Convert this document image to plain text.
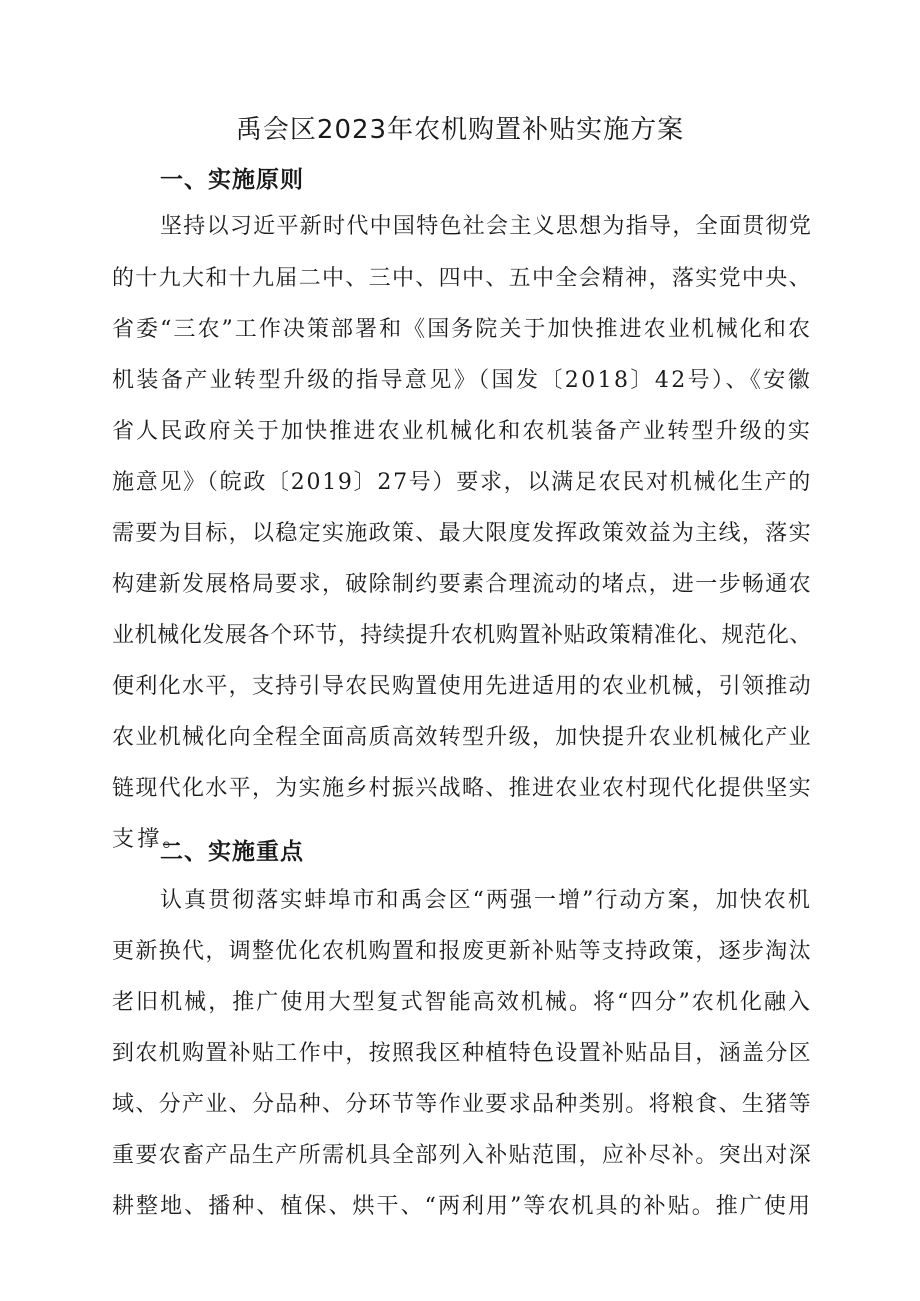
禹会区2023年农机购置补贴实施方案
一、实施原则
坚持以习近平新时代中国特色社会主义思想为指导，全面贯彻党
的十九大和十九届二中、三中、四中、五中全会精神，落实党中央、
省委“三农”工作决策部署和《国务院关于加快推进农业机械化和农
机装备产业转型升级的指导意见》（国发〔2018〕42号）、《安徽
省人民政府关于加快推进农业机械化和农机装备产业转型升级的实
施意见》（皖政〔2019〕27号）要求，以满足农民对机械化生产的
需要为目标，以稳定实施政策、最大限度发挥政策效益为主线，落实
构建新发展格局要求，破除制约要素合理流动的堵点，进一步畅通农
业机械化发展各个环节，持续提升农机购置补贴政策精准化、规范化、
便利化水平，支持引导农民购置使用先进适用的农业机械，引领推动
农业机械化向全程全面高质高效转型升级，加快提升农业机械化产业
链现代化水平，为实施乡村振兴战略、推进农业农村现代化提供坚实
支撑。
二、实施重点
认真贯彻落实蚌埠市和禹会区“两强一增”行动方案，加快农机
更新换代，调整优化农机购置和报废更新补贴等支持政策，逐步淘汰
老旧机械，推广使用大型复式智能高效机械。将“四分”农机化融入
到农机购置补贴工作中，按照我区种植特色设置补贴品目，涵盖分区
域、分产业、分品种、分环节等作业要求品种类别。将粮食、生猪等
重要农畜产品生产所需机具全部列入补贴范围，应补尽补。突出对深
耕整地、播种、植保、烘干、“两利用”等农机具的补贴。推广使用
